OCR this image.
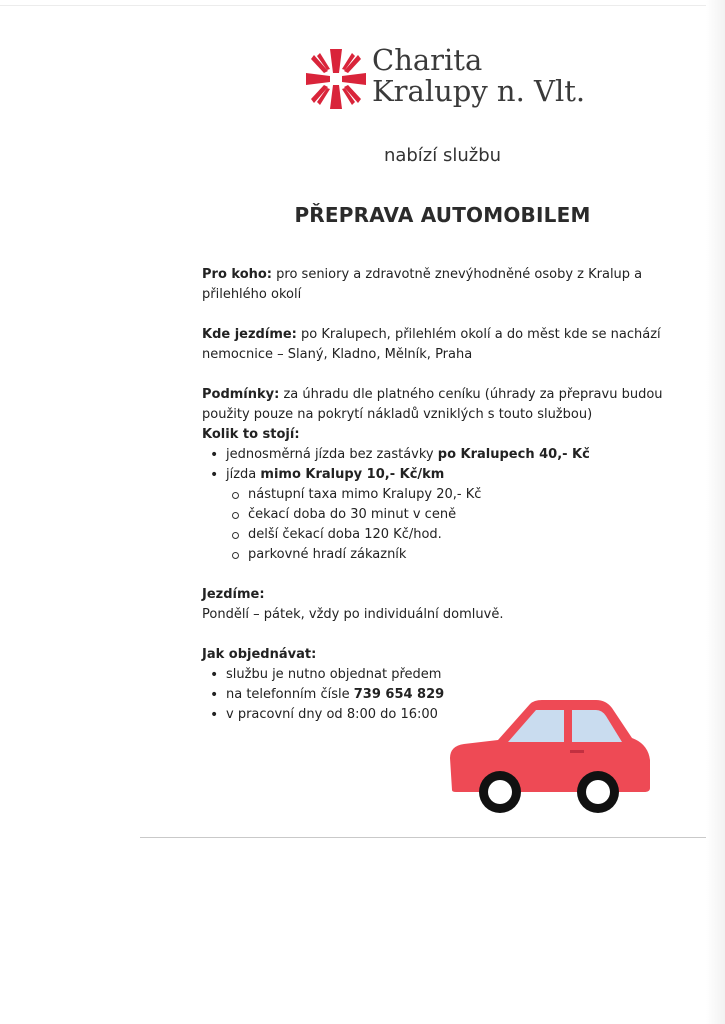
Charita
Kralupy n. Vlt.
nabízí službu
PŘEPRAVA AUTOMOBILEM

Pro koho: pro seniory a zdravotně znevýhodněné osoby z Kralup a přilehlého okolí

Kde jezdíme: po Kralupech, přilehlém okolí a do měst kde se nachází nemocnice – Slaný, Kladno, Mělník, Praha

Podmínky: za úhradu dle platného ceníku (úhrady za přepravu budou použity pouze na pokrytí nákladů vzniklých s touto službou)

Kolik to stojí:

• jednosměrná jízda bez zastávky po Kralupech 40,- Kč
• jízda mimo Kralupy 10,- Kč/km
nástupní taxa mimo Kralupy 20,- Kč
čekací doba do 30 minut v ceně
delší čekací doba 120 Kč/hod.
parkovné hradí zákazník

Jezdíme:

Pondělí – pátek, vždy po individuální domluvě.

Jak objednávat:

• službu je nutno objednat předem
• na telefonním čísle 739 654 829
• v pracovní dny od 8:00 do 16:00
